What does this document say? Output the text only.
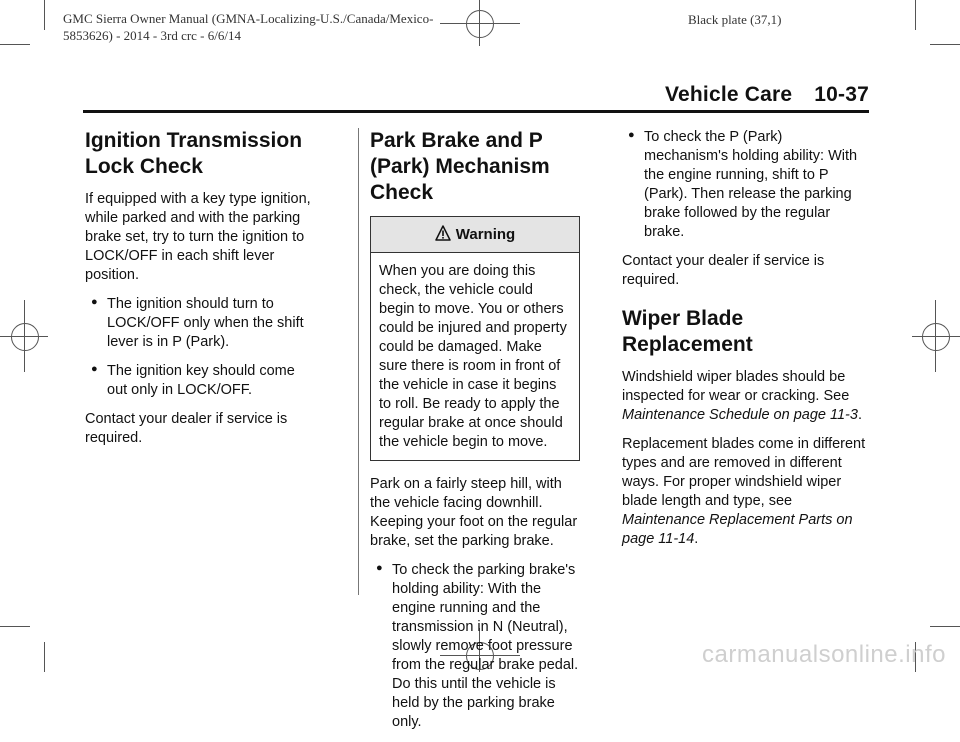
GMC Sierra Owner Manual (GMNA-Localizing-U.S./Canada/Mexico-
5853626) - 2014 - 3rd crc - 6/6/14
Black plate (37,1)
Vehicle Care 10-37
Ignition Transmission Lock Check

If equipped with a key type ignition, while parked and with the parking brake set, try to turn the ignition to LOCK/OFF in each shift lever position.

● The ignition should turn to LOCK/OFF only when the shift lever is in P (Park).
● The ignition key should come out only in LOCK/OFF.

Contact your dealer if service is required.

Park Brake and P (Park) Mechanism Check
Warning
When you are doing this check, the vehicle could begin to move. You or others could be injured and property could be damaged. Make sure there is room in front of the vehicle in case it begins to roll. Be ready to apply the regular brake at once should the vehicle begin to move.

Park on a fairly steep hill, with the vehicle facing downhill. Keeping your foot on the regular brake, set the parking brake.

● To check the parking brake's holding ability: With the engine running and the transmission in N (Neutral), slowly remove foot pressure from the regular brake pedal. Do this until the vehicle is held by the parking brake only.
● To check the P (Park) mechanism's holding ability: With the engine running, shift to P (Park). Then release the parking brake followed by the regular brake.

Contact your dealer if service is required.

Wiper Blade Replacement

Windshield wiper blades should be inspected for wear or cracking. See Maintenance Schedule on page 11-3.

Replacement blades come in different types and are removed in different ways. For proper windshield wiper blade length and type, see Maintenance Replacement Parts on page 11-14.

carmanualsonline.info
